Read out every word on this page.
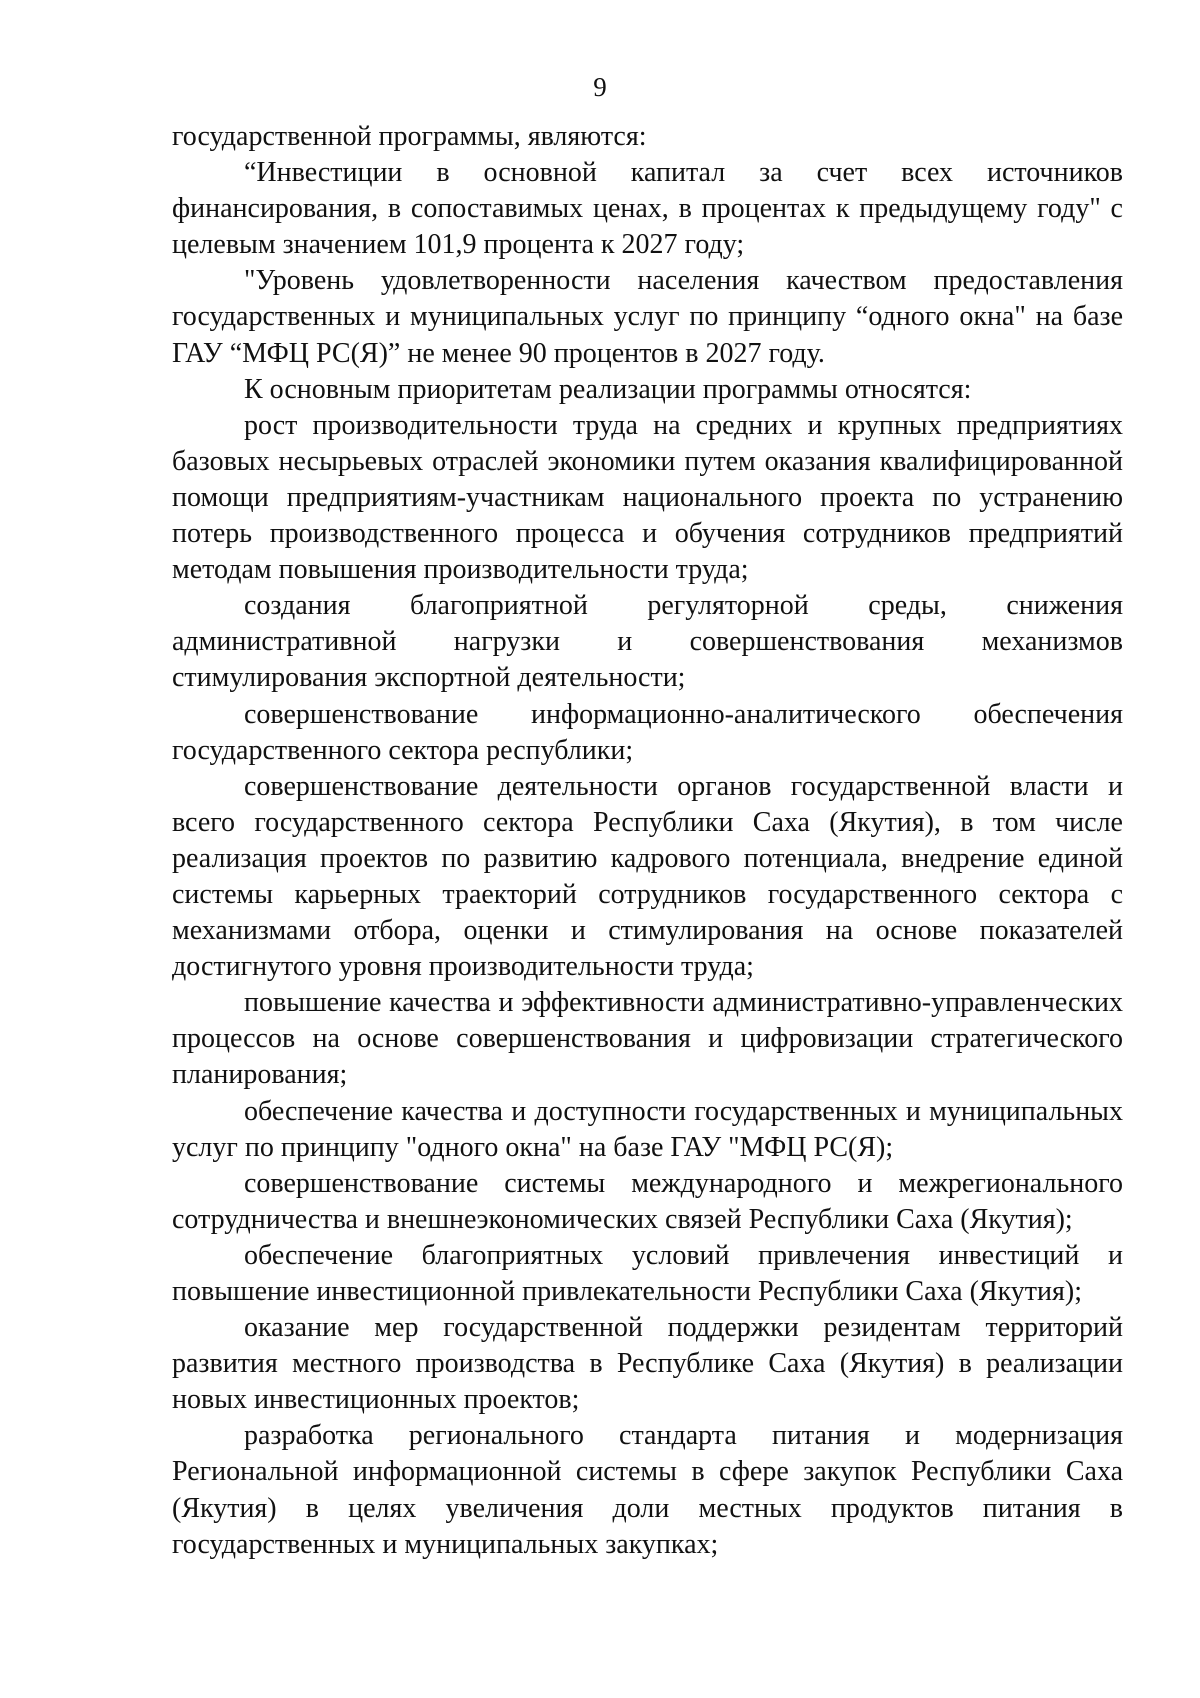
9

государственной программы, являются:

“Инвестиции в основной капитал за счет всех источников финансирования, в сопоставимых ценах, в процентах к предыдущему году" с целевым значением 101,9 процента к 2027 году;

"Уровень удовлетворенности населения качеством предоставления государственных и муниципальных услуг по принципу “одного окна" на базе ГАУ “МФЦ РС(Я)” не менее 90 процентов в 2027 году.

К основным приоритетам реализации программы относятся:

рост производительности труда на средних и крупных предприятиях базовых несырьевых отраслей экономики путем оказания квалифицированной помощи предприятиям-участникам национального проекта по устранению потерь производственного процесса и обучения сотрудников предприятий методам повышения производительности труда;

создания благоприятной регуляторной среды, снижения административной нагрузки и совершенствования механизмов стимулирования экспортной деятельности;

совершенствование информационно-аналитического обеспечения государственного сектора республики;

совершенствование деятельности органов государственной власти и всего государственного сектора Республики Саха (Якутия), в том числе реализация проектов по развитию кадрового потенциала, внедрение единой системы карьерных траекторий сотрудников государственного сектора с механизмами отбора, оценки и стимулирования на основе показателей достигнутого уровня производительности труда;

повышение качества и эффективности административно-управленческих процессов на основе совершенствования и цифровизации стратегического планирования;

обеспечение качества и доступности государственных и муниципальных услуг по принципу "одного окна" на базе ГАУ "МФЦ РС(Я);

совершенствование системы международного и межрегионального сотрудничества и внешнеэкономических связей Республики Саха (Якутия);

обеспечение благоприятных условий привлечения инвестиций и повышение инвестиционной привлекательности Республики Саха (Якутия);

оказание мер государственной поддержки резидентам территорий развития местного производства в Республике Саха (Якутия) в реализации новых инвестиционных проектов;

разработка регионального стандарта питания и модернизация Региональной информационной системы в сфере закупок Республики Саха (Якутия) в целях увеличения доли местных продуктов питания в государственных и муниципальных закупках;
